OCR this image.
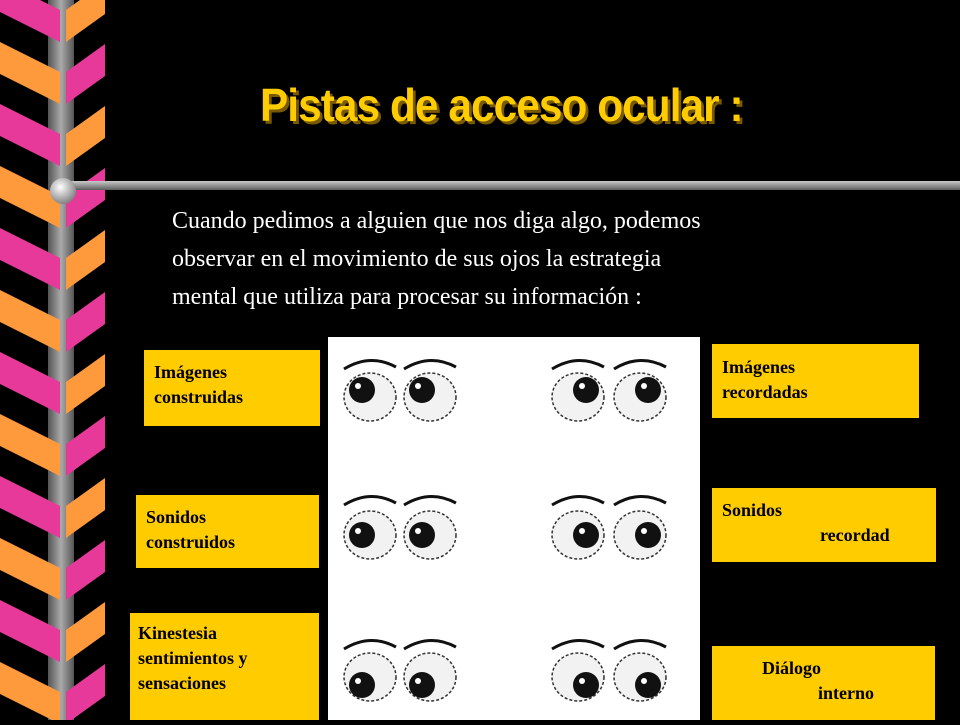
Pistas de acceso ocular :
Cuando pedimos a alguien que nos diga algo, podemos
observar en el movimiento de sus ojos la estrategia
mental que utiliza para procesar su información :
Imágenes
construidas
Imágenes
recordadas
Sonidos
construidos
Sonidos
recordad
Kinestesia
sentimientos y
sensaciones
Diálogo
interno
